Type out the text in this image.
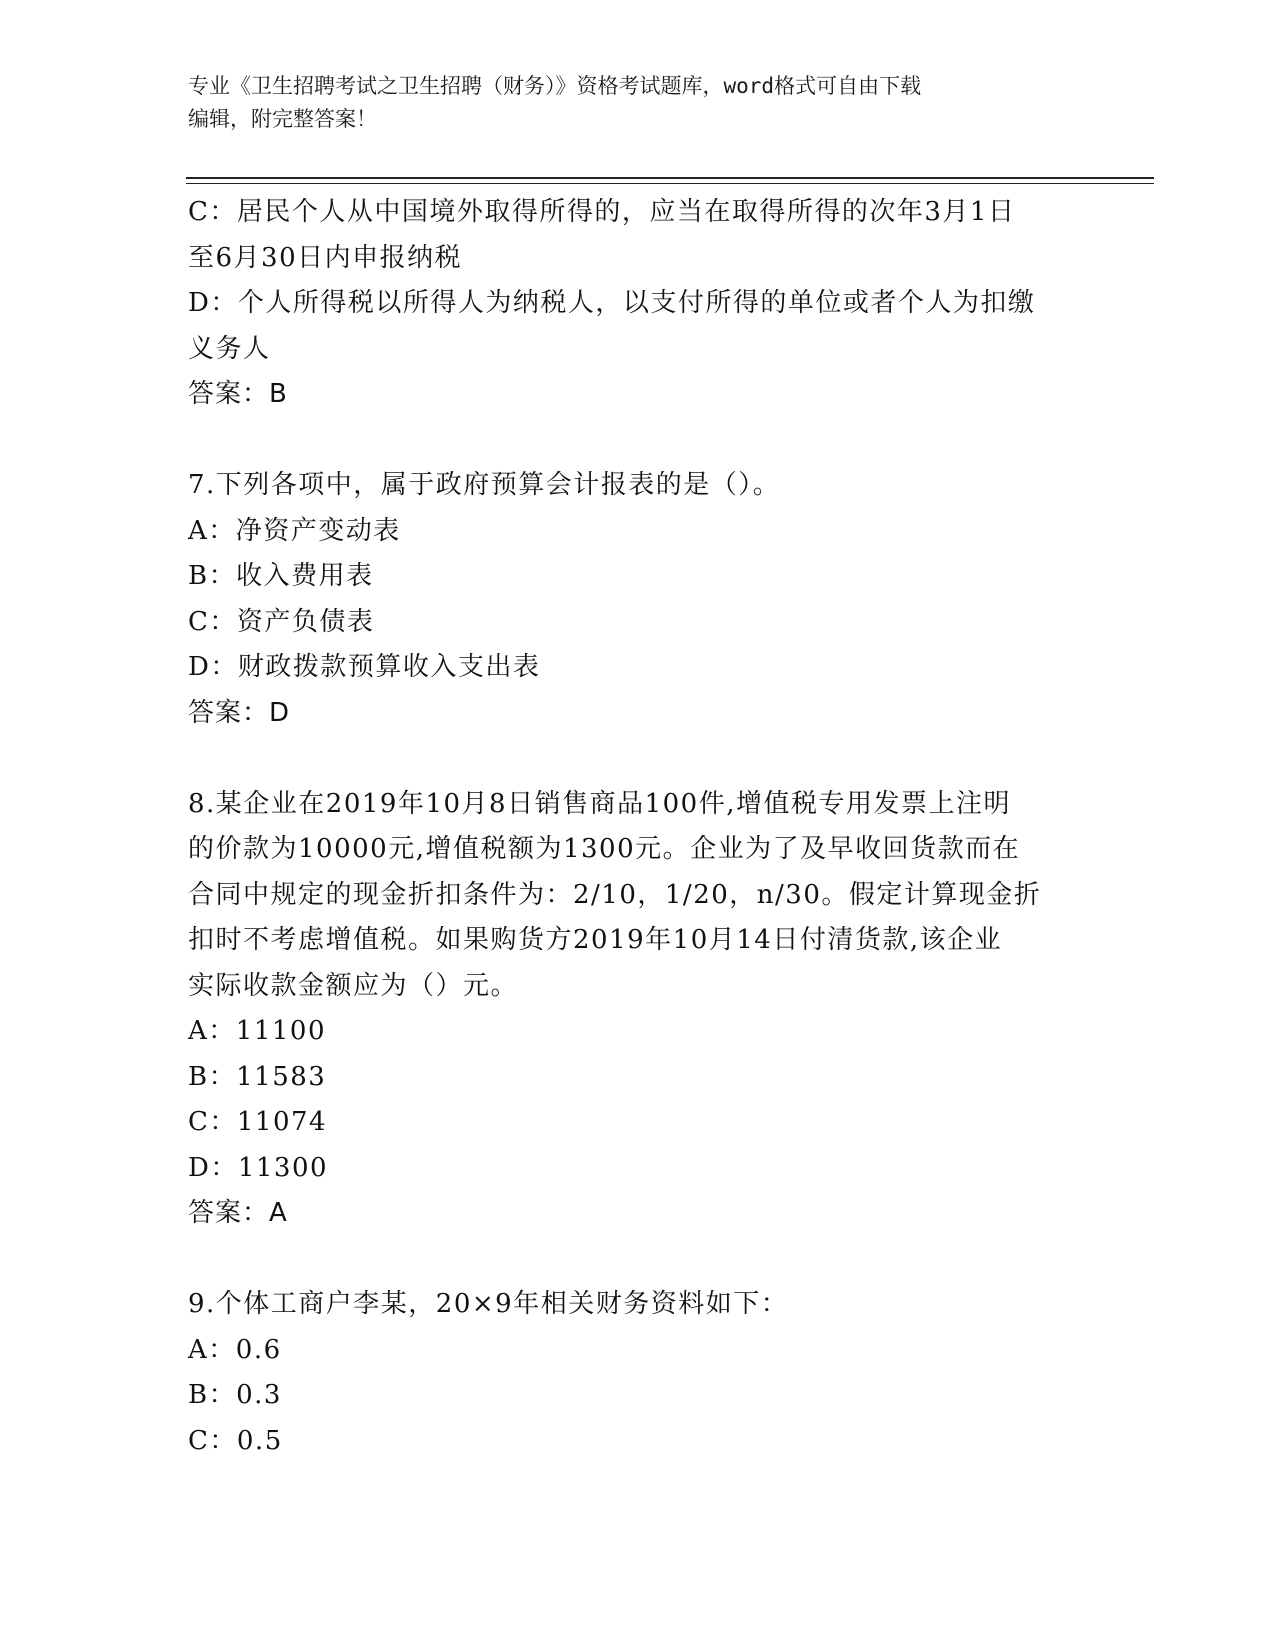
专业《卫生招聘考试之卫生招聘（财务）》资格考试题库，word格式可自由下载
编辑，附完整答案！
C：居民个人从中国境外取得所得的，应当在取得所得的次年3月1日
至6月30日内申报纳税
D：个人所得税以所得人为纳税人，以支付所得的单位或者个人为扣缴
义务人
答案：B
7.下列各项中，属于政府预算会计报表的是（）。
A：净资产变动表
B：收入费用表
C：资产负债表
D：财政拨款预算收入支出表
答案：D
8.某企业在2019年10月8日销售商品100件,增值税专用发票上注明
的价款为10000元,增值税额为1300元。企业为了及早收回货款而在
合同中规定的现金折扣条件为：2/10，1/20，n/30。假定计算现金折
扣时不考虑增值税。如果购货方2019年10月14日付清货款,该企业
实际收款金额应为（）元。
A：11100
B：11583
C：11074
D：11300
答案：A
9.个体工商户李某，20×9年相关财务资料如下：
A：0.6
B：0.3
C：0.5
